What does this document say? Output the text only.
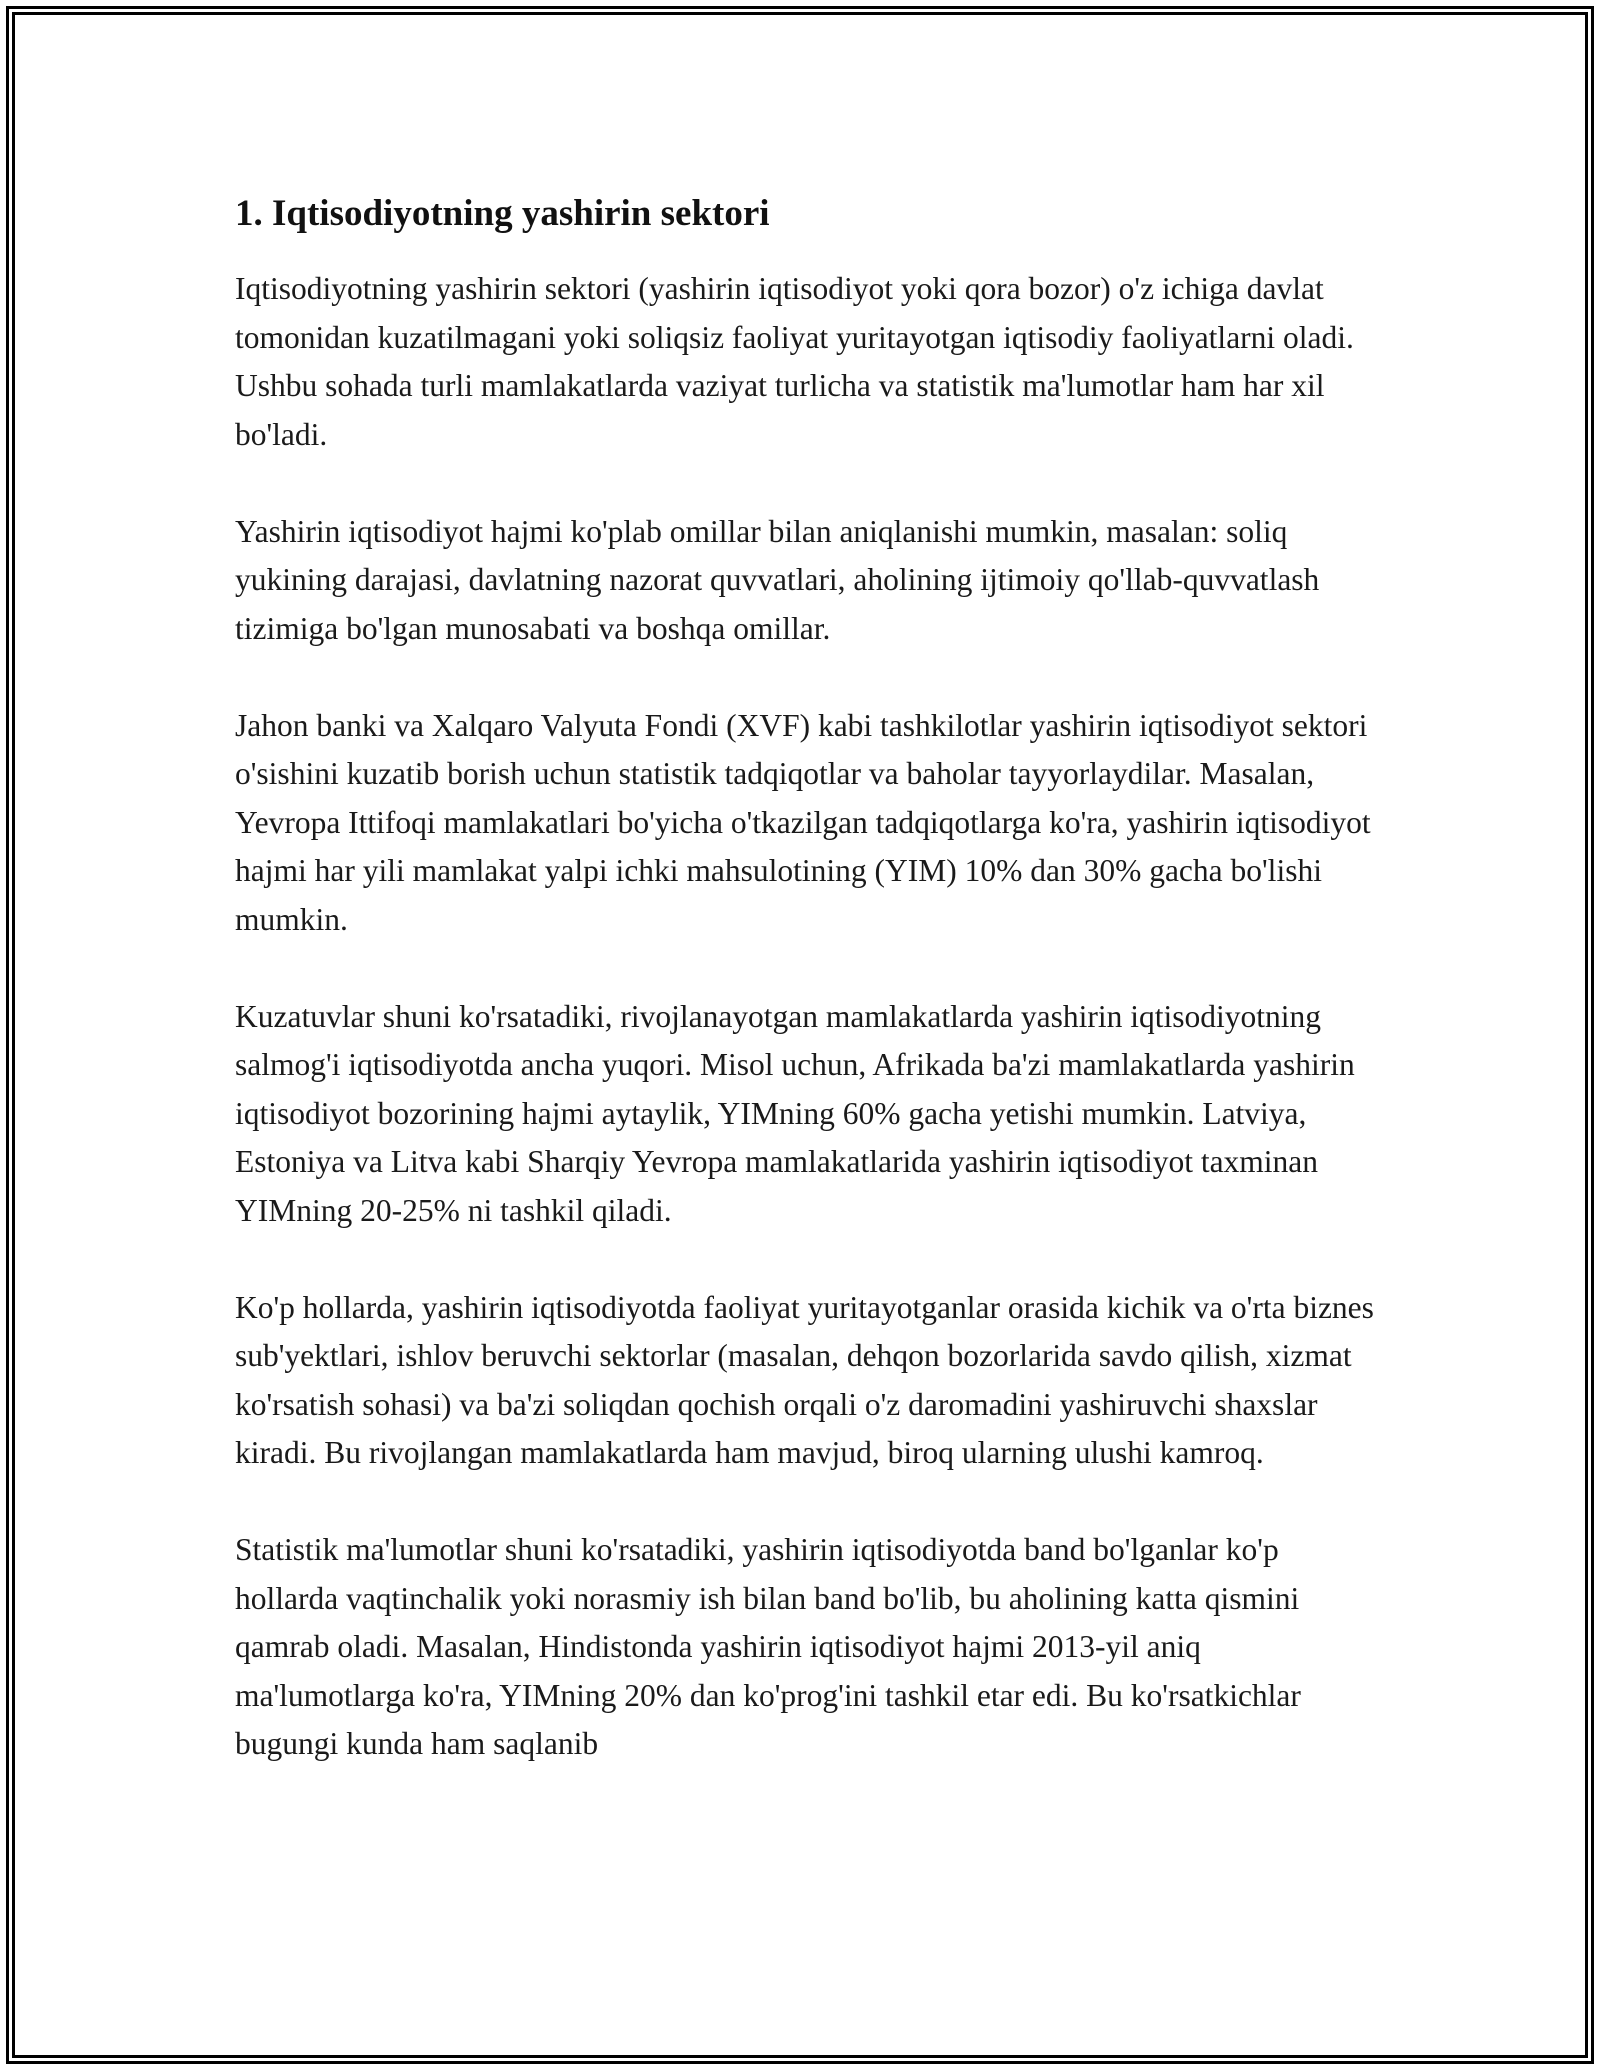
1. Iqtisodiyotning yashirin sektori

Iqtisodiyotning yashirin sektori (yashirin iqtisodiyot yoki qora bozor) o'z ichiga davlat tomonidan kuzatilmagani yoki soliqsiz faoliyat yuritayotgan iqtisodiy faoliyatlarni oladi. Ushbu sohada turli mamlakatlarda vaziyat turlicha va statistik ma'lumotlar ham har xil bo'ladi.

Yashirin iqtisodiyot hajmi ko'plab omillar bilan aniqlanishi mumkin, masalan: soliq yukining darajasi, davlatning nazorat quvvatlari, aholining ijtimoiy qo'llab-quvvatlash tizimiga bo'lgan munosabati va boshqa omillar.

Jahon banki va Xalqaro Valyuta Fondi (XVF) kabi tashkilotlar yashirin iqtisodiyot sektori o'sishini kuzatib borish uchun statistik tadqiqotlar va baholar tayyorlaydilar. Masalan, Yevropa Ittifoqi mamlakatlari bo'yicha o'tkazilgan tadqiqotlarga ko'ra, yashirin iqtisodiyot hajmi har yili mamlakat yalpi ichki mahsulotining (YIM) 10% dan 30% gacha bo'lishi mumkin.

Kuzatuvlar shuni ko'rsatadiki, rivojlanayotgan mamlakatlarda yashirin iqtisodiyotning salmog'i iqtisodiyotda ancha yuqori. Misol uchun, Afrikada ba'zi mamlakatlarda yashirin iqtisodiyot bozorining hajmi aytaylik, YIMning 60% gacha yetishi mumkin. Latviya, Estoniya va Litva kabi Sharqiy Yevropa mamlakatlarida yashirin iqtisodiyot taxminan YIMning 20-25% ni tashkil qiladi.

Ko'p hollarda, yashirin iqtisodiyotda faoliyat yuritayotganlar orasida kichik va o'rta biznes sub'yektlari, ishlov beruvchi sektorlar (masalan, dehqon bozorlarida savdo qilish, xizmat ko'rsatish sohasi) va ba'zi soliqdan qochish orqali o'z daromadini yashiruvchi shaxslar kiradi. Bu rivojlangan mamlakatlarda ham mavjud, biroq ularning ulushi kamroq.

Statistik ma'lumotlar shuni ko'rsatadiki, yashirin iqtisodiyotda band bo'lganlar ko'p hollarda vaqtinchalik yoki norasmiy ish bilan band bo'lib, bu aholining katta qismini qamrab oladi. Masalan, Hindistonda yashirin iqtisodiyot hajmi 2013-yil aniq ma'lumotlarga ko'ra, YIMning 20% dan ko'prog'ini tashkil etar edi. Bu ko'rsatkichlar bugungi kunda ham saqlanib
